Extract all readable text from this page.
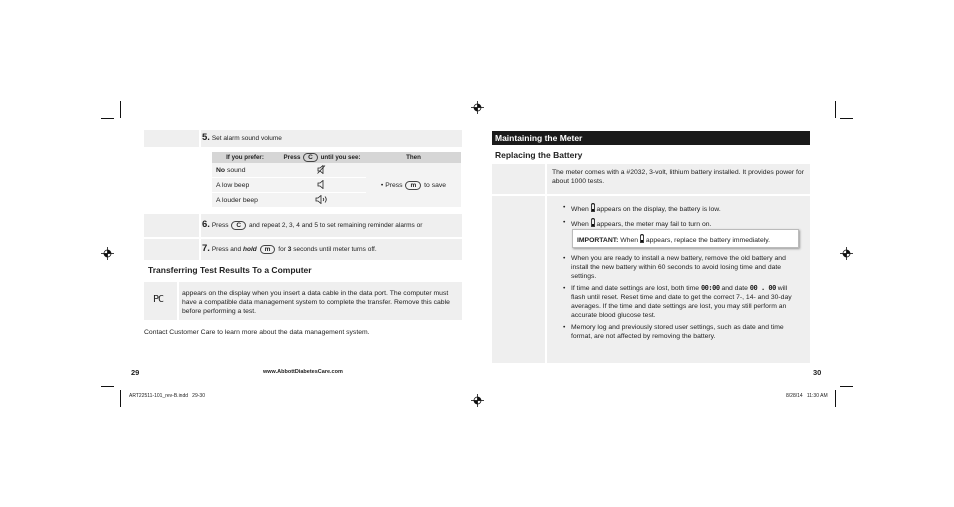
5. Set alarm sound volume
If you prefer:	Press C until you see:	Then
No sound		• Press m to save
A low beep	
A louder beep	
6. Press C and repeat 2, 3, 4 and 5 to set remaining reminder alarms or
7. Press and hold m for 3 seconds until meter turns off.
Transferring Test Results To a Computer
PC
appears on the display when you insert a data cable in the data port. The computer must have a compatible data management system to complete the transfer. Remove this cable before performing a test.
Contact Customer Care to learn more about the data management system.
29	www.AbbottDiabetesCare.com
Maintaining the Meter
Replacing the Battery
The meter comes with a #2032, 3-volt, lithium battery installed. It provides power for about 1000 tests.
• When appears on the display, the battery is low.
• When appears, the meter may fail to turn on.
IMPORTANT: When appears, replace the battery immediately.
• When you are ready to install a new battery, remove the old battery and install the new battery within 60 seconds to avoid losing time and date settings.
• If time and date settings are lost, both time 00:00 and date 00 . 00 will flash until reset. Reset time and date to get the correct 7-, 14- and 30-day averages. If the time and date settings are lost, you may still perform an accurate blood glucose test.
• Memory log and previously stored user settings, such as date and time format, are not affected by removing the battery.
30
ART22511-101_rev-B.indd   29-30	8/28/14   11:30 AM
